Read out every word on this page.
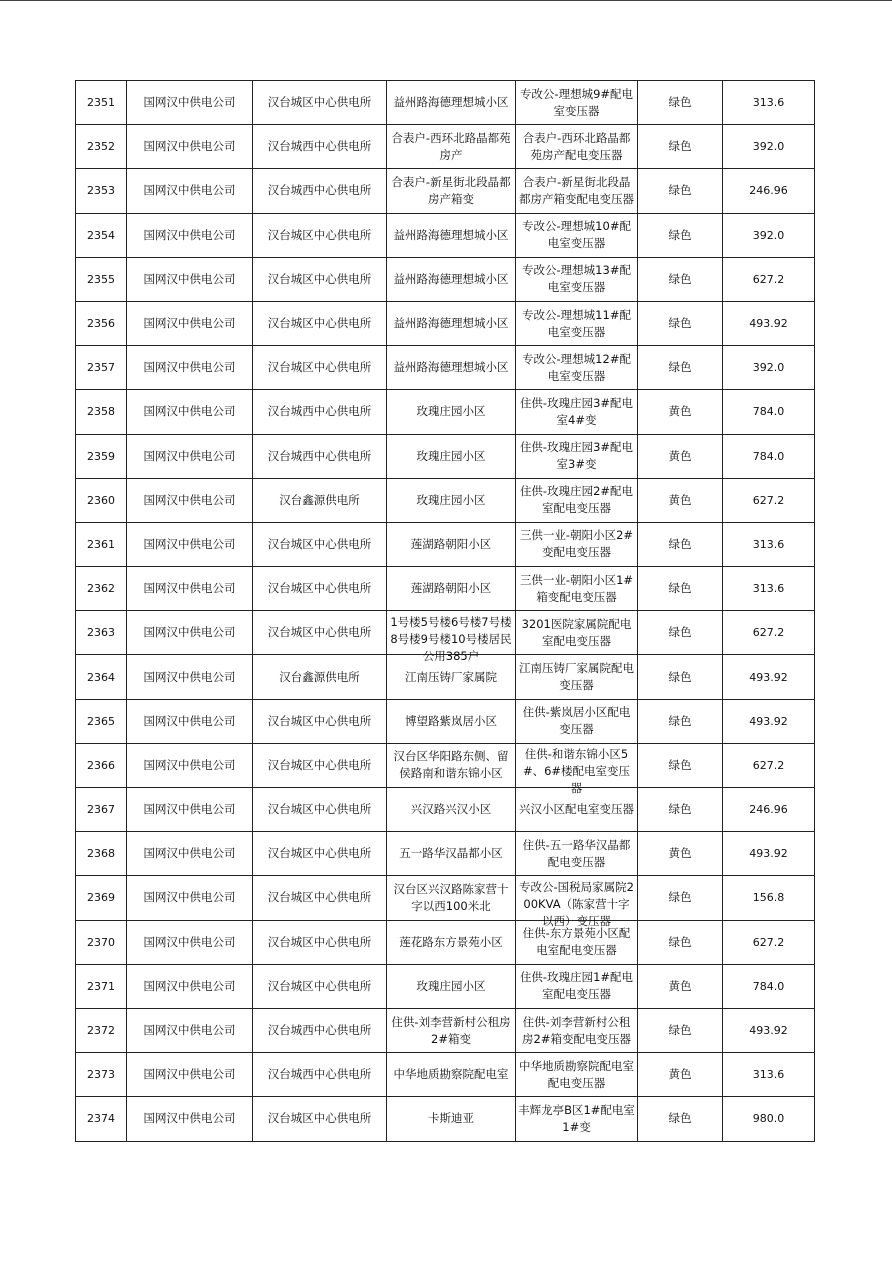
2351	国网汉中供电公司	汉台城区中心供电所	益州路海德理想城小区	专改公-理想城9#配电室变压器	绿色	313.6

2352	国网汉中供电公司	汉台城西中心供电所	合表户-西环北路晶都苑房产	合表户-西环北路晶都苑房产配电变压器	绿色	392.0

2353	国网汉中供电公司	汉台城西中心供电所	合表户-新星街北段晶都房产箱变	合表户-新星街北段晶都房产箱变配电变压器	绿色	246.96

2354	国网汉中供电公司	汉台城区中心供电所	益州路海德理想城小区	专改公-理想城10#配电室变压器	绿色	392.0

2355	国网汉中供电公司	汉台城区中心供电所	益州路海德理想城小区	专改公-理想城13#配电室变压器	绿色	627.2

2356	国网汉中供电公司	汉台城区中心供电所	益州路海德理想城小区	专改公-理想城11#配电室变压器	绿色	493.92

2357	国网汉中供电公司	汉台城区中心供电所	益州路海德理想城小区	专改公-理想城12#配电室变压器	绿色	392.0

2358	国网汉中供电公司	汉台城西中心供电所	玫瑰庄园小区	住供-玫瑰庄园3#配电室4#变	黄色	784.0

2359	国网汉中供电公司	汉台城西中心供电所	玫瑰庄园小区	住供-玫瑰庄园3#配电室3#变	黄色	784.0

2360	国网汉中供电公司	汉台鑫源供电所	玫瑰庄园小区	住供-玫瑰庄园2#配电室配电变压器	黄色	627.2

2361	国网汉中供电公司	汉台城区中心供电所	莲湖路朝阳小区	三供一业-朝阳小区2#变配电变压器	绿色	313.6

2362	国网汉中供电公司	汉台城区中心供电所	莲湖路朝阳小区	三供一业-朝阳小区1#箱变配电变压器	绿色	313.6

2363	国网汉中供电公司	汉台城区中心供电所	1号楼5号楼6号楼7号楼8号楼9号楼10号楼居民公用385户	3201医院家属院配电室配电变压器	绿色	627.2

2364	国网汉中供电公司	汉台鑫源供电所	江南压铸厂家属院	江南压铸厂家属院配电变压器	绿色	493.92

2365	国网汉中供电公司	汉台城区中心供电所	博望路紫岚居小区	住供-紫岚居小区配电变压器	绿色	493.92

2366	国网汉中供电公司	汉台城区中心供电所	汉台区华阳路东侧、留侯路南和谐东锦小区	住供-和谐东锦小区5#、6#楼配电室变压器	绿色	627.2

2367	国网汉中供电公司	汉台城区中心供电所	兴汉路兴汉小区	兴汉小区配电室变压器	绿色	246.96

2368	国网汉中供电公司	汉台城区中心供电所	五一路华汉晶都小区	住供-五一路华汉晶都配电变压器	黄色	493.92

2369	国网汉中供电公司	汉台城区中心供电所	汉台区兴汉路陈家营十字以西100米北	专改公-国税局家属院200KVA（陈家营十字以西）变压器	绿色	156.8

2370	国网汉中供电公司	汉台城区中心供电所	莲花路东方景苑小区	住供-东方景苑小区配电室配电变压器	绿色	627.2

2371	国网汉中供电公司	汉台城区中心供电所	玫瑰庄园小区	住供-玫瑰庄园1#配电室配电变压器	黄色	784.0

2372	国网汉中供电公司	汉台城西中心供电所	住供-刘李营新村公租房2#箱变	住供-刘李营新村公租房2#箱变配电变压器	绿色	493.92

2373	国网汉中供电公司	汉台城西中心供电所	中华地质勘察院配电室	中华地质勘察院配电室配电变压器	黄色	313.6

2374	国网汉中供电公司	汉台城区中心供电所	卡斯迪亚	丰辉龙亭B区1#配电室1#变	绿色	980.0
